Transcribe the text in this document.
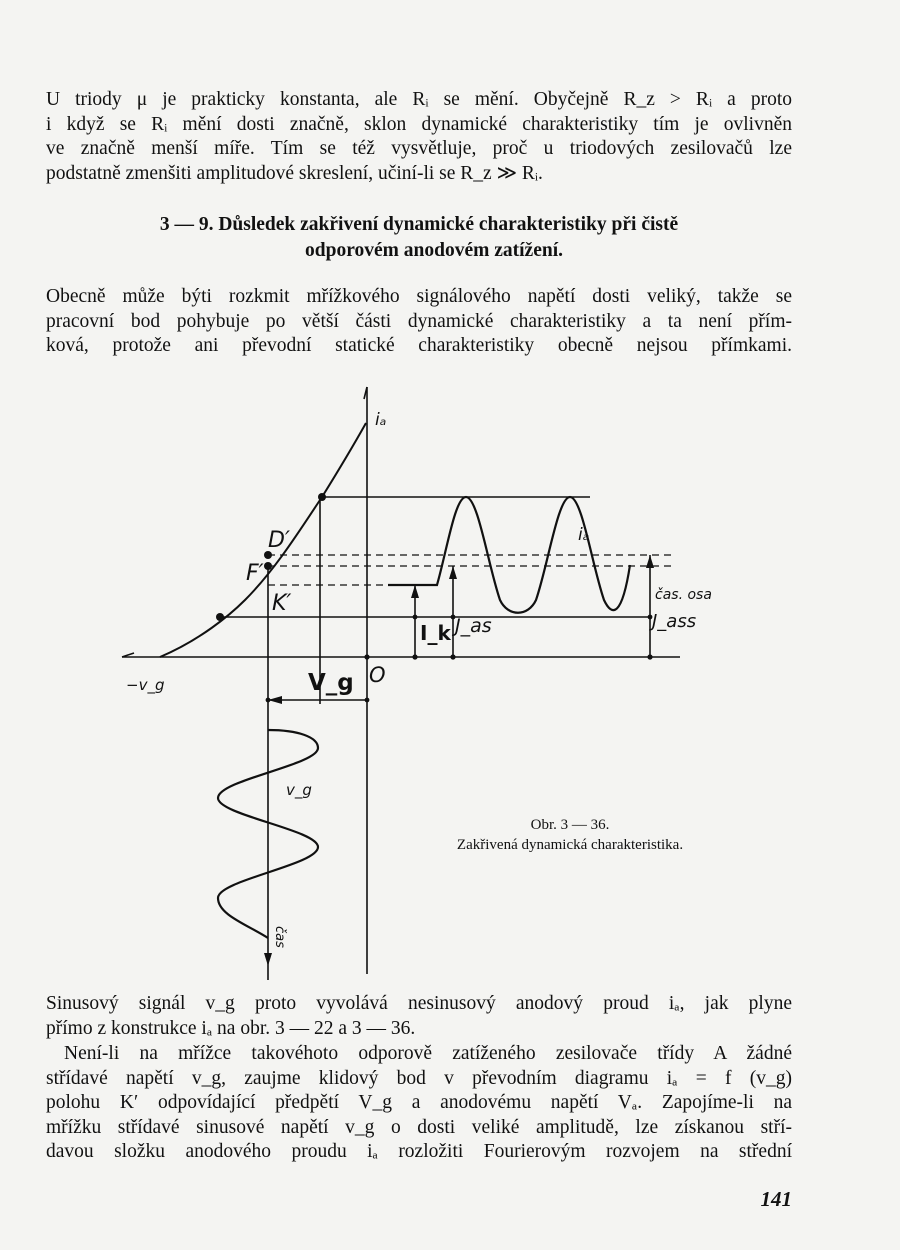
U triody μ je prakticky konstanta, ale Rᵢ se mění. Obyčejně R_z > Rᵢ a proto
i když se Rᵢ mění dosti značně, sklon dynamické charakteristiky tím je ovlivněn
ve značně menší míře. Tím se též vysvětluje, proč u triodových zesilovačů lze
podstatně zmenšiti amplitudové skreslení, učiní-li se R_z ≫ Rᵢ.
3 — 9. Důsledek zakřivení dynamické charakteristiky při čistě
odporovém anodovém zatížení.
Obecně může býti rozkmit mřížkového signálového napětí dosti veliký, takže se
pracovní bod pohybuje po větší části dynamické charakteristiky a ta není přím-
ková, protože ani převodní statické charakteristiky obecně nejsou přímkami.
iₐ
iₐ
D′
F′
K′
−v_g	V_g O
I_k J_as	J_ass
čas. osa
v_g
čas
Obr. 3 — 36.
Zakřivená dynamická charakteristika.
Sinusový signál v_g proto vyvolává nesinusový anodový proud iₐ, jak plyne
přímo z konstrukce iₐ na obr. 3 — 22 a 3 — 36.
Není-li na mřížce takovéhoto odporově zatíženého zesilovače třídy A žádné
střídavé napětí v_g, zaujme klidový bod v převodním diagramu iₐ = f (v_g)
polohu K′ odpovídající předpětí V_g a anodovému napětí Vₐ. Zapojíme-li na
mřížku střídavé sinusové napětí v_g o dosti veliké amplitudě, lze získanou stří-
davou složku anodového proudu iₐ rozložiti Fourierovým rozvojem na střední
141
